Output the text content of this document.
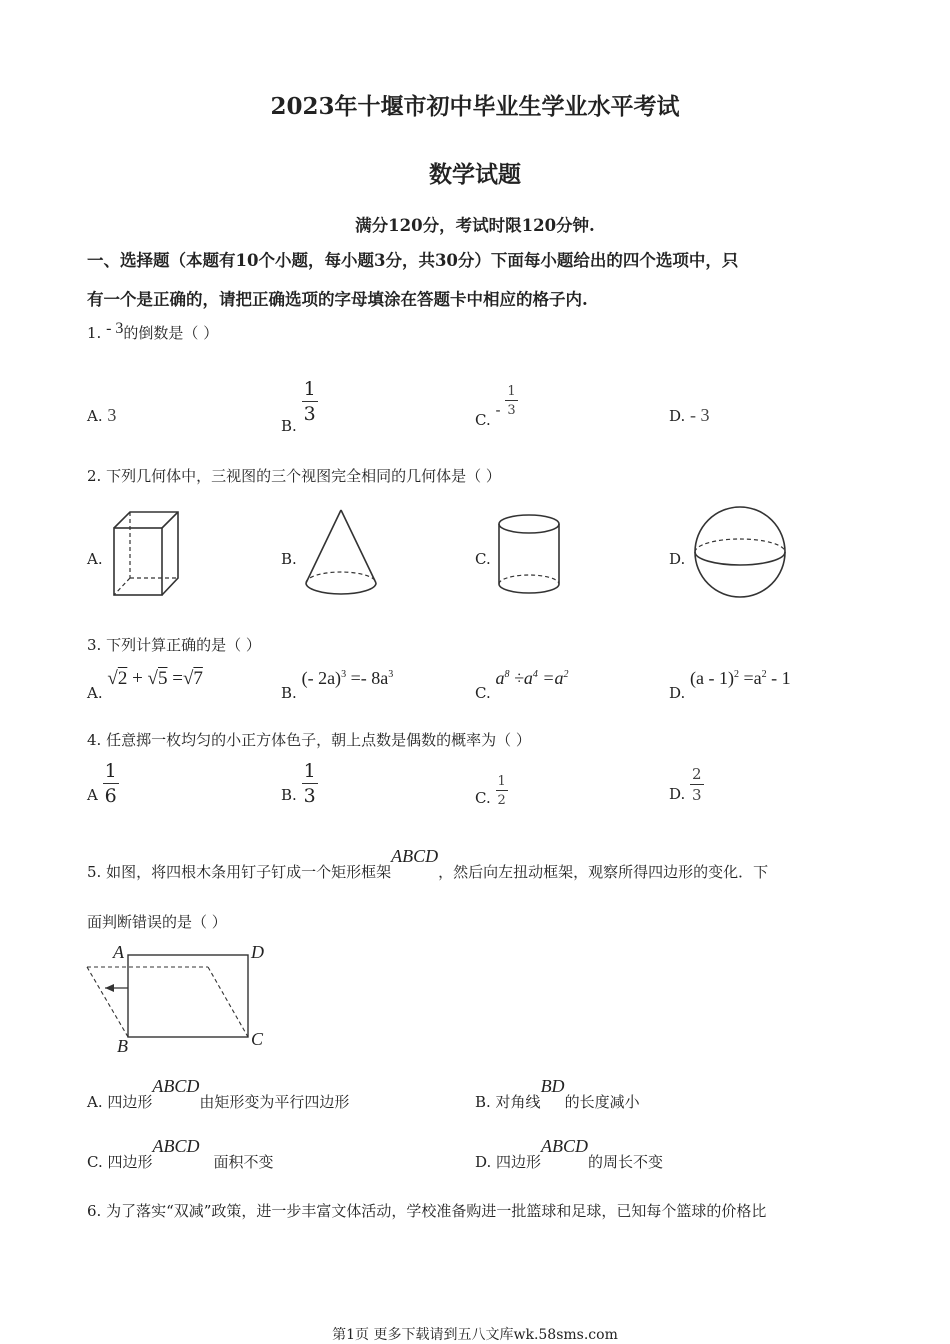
2023年十堰市初中毕业生学业水平考试
数学试题
满分120分，考试时限120分钟.
一、选择题（本题有10个小题，每小题3分，共30分）下面每小题给出的四个选项中，只
有一个是正确的，请把正确选项的字母填涂在答题卡中相应的格子内.
1. - 3的倒数是（ ）
A. 3
B.
$\frac{1}{3}$	C. - $\frac{1}{3}$	D. - 3
2. 下列几何体中，三视图的三个视图完全相同的几何体是（ ）
A.	B.	C.	D.
3. 下列计算正确的是（ ）
A. √2 + √5 =√7
B. (- $2a)^3 =- 8a^3$
C. $a^8 \div a^4 =a^2$
D. $(a - 1)^2 =a^2 - 1$
4. 任意掷一枚均匀的小正方体色子，朝上点数是偶数的概率为（ ）
A $\frac{1}{6}$	B. $\frac{1}{3}$	C. $\frac{1}{2}$	D. $\frac{2}{3}$
5. 如图，将四根木条用钉子钉成一个矩形框架ABCD，然后向左扭动框架，观察所得四边形的变化．下
面判断错误的是（ ）
A	D
B	C
A. 四边形ABCD由矩形变为平行四边形	B. 对角线BD的长度减小
C. 四边形ABCD面积不变	D. 四边形ABCD的周长不变
6. 为了落实“双减”政策，进一步丰富文体活动，学校准备购进一批篮球和足球，已知每个篮球的价格比
第1页 更多下载请到五八文库wk.58sms.com
